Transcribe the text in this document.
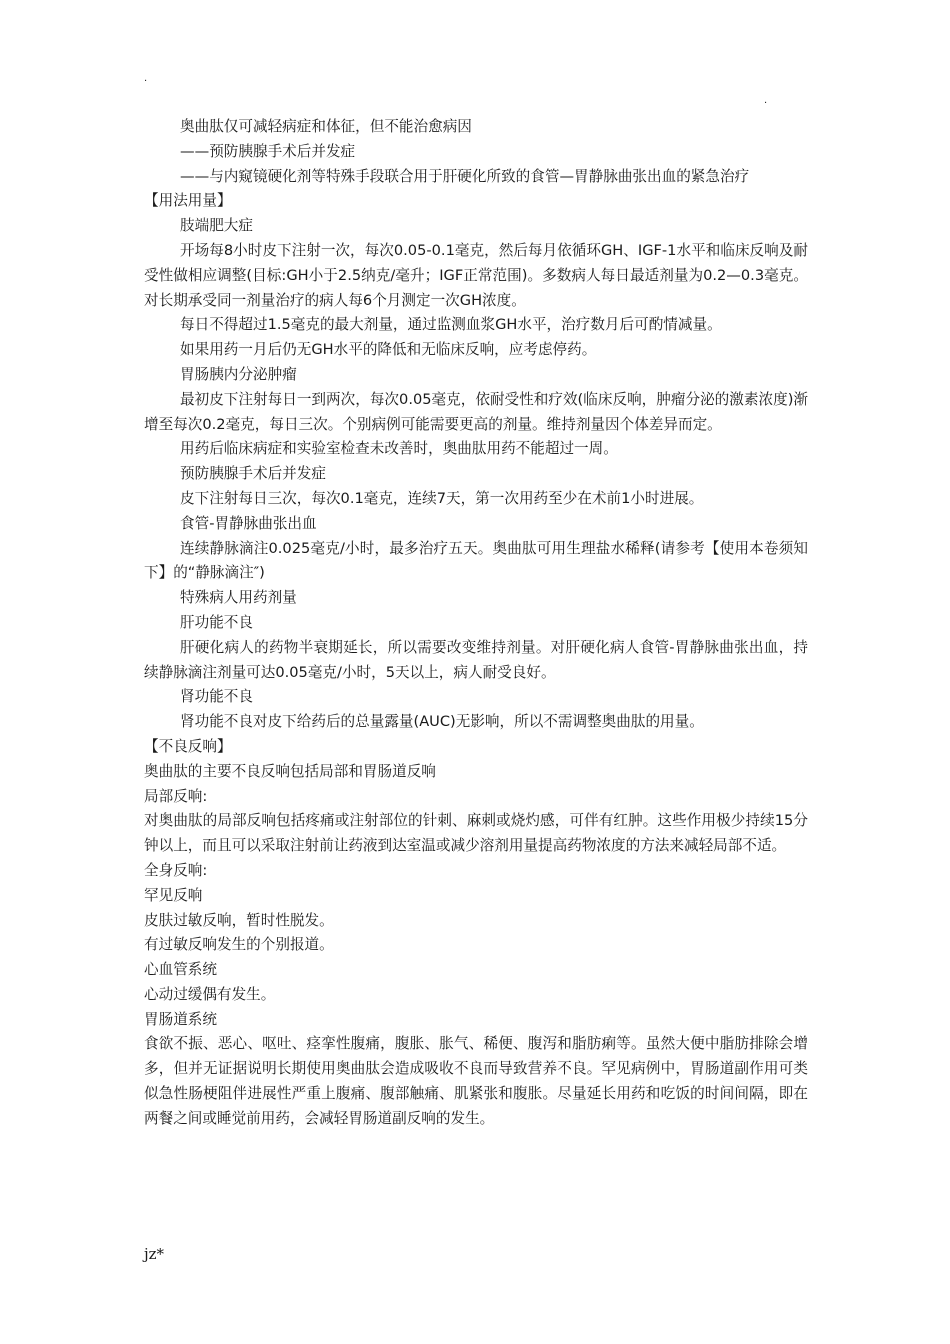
.
.

奥曲肽仅可减轻病症和体征，但不能治愈病因

——预防胰腺手术后并发症

——与内窥镜硬化剂等特殊手段联合用于肝硬化所致的食管—胃静脉曲张出血的紧急治疗

【用法用量】

肢端肥大症

开场每8小时皮下注射一次，每次0.05-0.1毫克，然后每月依循环GH、IGF-1水平和临床反响及耐受性做相应调整(目标:GH小于2.5纳克/毫升；IGF正常范围)。多数病人每日最适剂量为0.2—0.3毫克。对长期承受同一剂量治疗的病人每6个月测定一次GH浓度。

每日不得超过1.5毫克的最大剂量，通过监测血浆GH水平，治疗数月后可酌情减量。

如果用药一月后仍无GH水平的降低和无临床反响，应考虑停药。

胃肠胰内分泌肿瘤

最初皮下注射每日一到两次，每次0.05毫克，依耐受性和疗效(临床反响，肿瘤分泌的激素浓度)渐增至每次0.2毫克，每日三次。个别病例可能需要更高的剂量。维持剂量因个体差异而定。

用药后临床病症和实验室检查未改善时，奥曲肽用药不能超过一周。

预防胰腺手术后并发症

皮下注射每日三次，每次0.1毫克，连续7天，第一次用药至少在术前1小时进展。

食管-胃静脉曲张出血

连续静脉滴注0.025毫克/小时，最多治疗五天。奥曲肽可用生理盐水稀释(请参考【使用本卷须知下】的“静脉滴注″)

特殊病人用药剂量

肝功能不良

肝硬化病人的药物半衰期延长，所以需要改变维持剂量。对肝硬化病人食管-胃静脉曲张出血，持续静脉滴注剂量可达0.05毫克/小时，5天以上，病人耐受良好。

肾功能不良

肾功能不良对皮下给药后的总量露量(AUC)无影响，所以不需调整奥曲肽的用量。

【不良反响】

奥曲肽的主要不良反响包括局部和胃肠道反响

局部反响:

对奥曲肽的局部反响包括疼痛或注射部位的针刺、麻刺或烧灼感，可伴有红肿。这些作用极少持续15分钟以上，而且可以采取注射前让药液到达室温或减少溶剂用量提高药物浓度的方法来减轻局部不适。

全身反响:

罕见反响

皮肤过敏反响，暂时性脱发。

有过敏反响发生的个别报道。

心血管系统

心动过缓偶有发生。

胃肠道系统

食欲不振、恶心、呕吐、痉挛性腹痛，腹胀、胀气、稀便、腹泻和脂肪痢等。虽然大便中脂肪排除会增多，但并无证据说明长期使用奥曲肽会造成吸收不良而导致营养不良。罕见病例中，胃肠道副作用可类似急性肠梗阻伴进展性严重上腹痛、腹部触痛、肌紧张和腹胀。尽量延长用药和吃饭的时间间隔，即在两餐之间或睡觉前用药，会减轻胃肠道副反响的发生。

jz*
